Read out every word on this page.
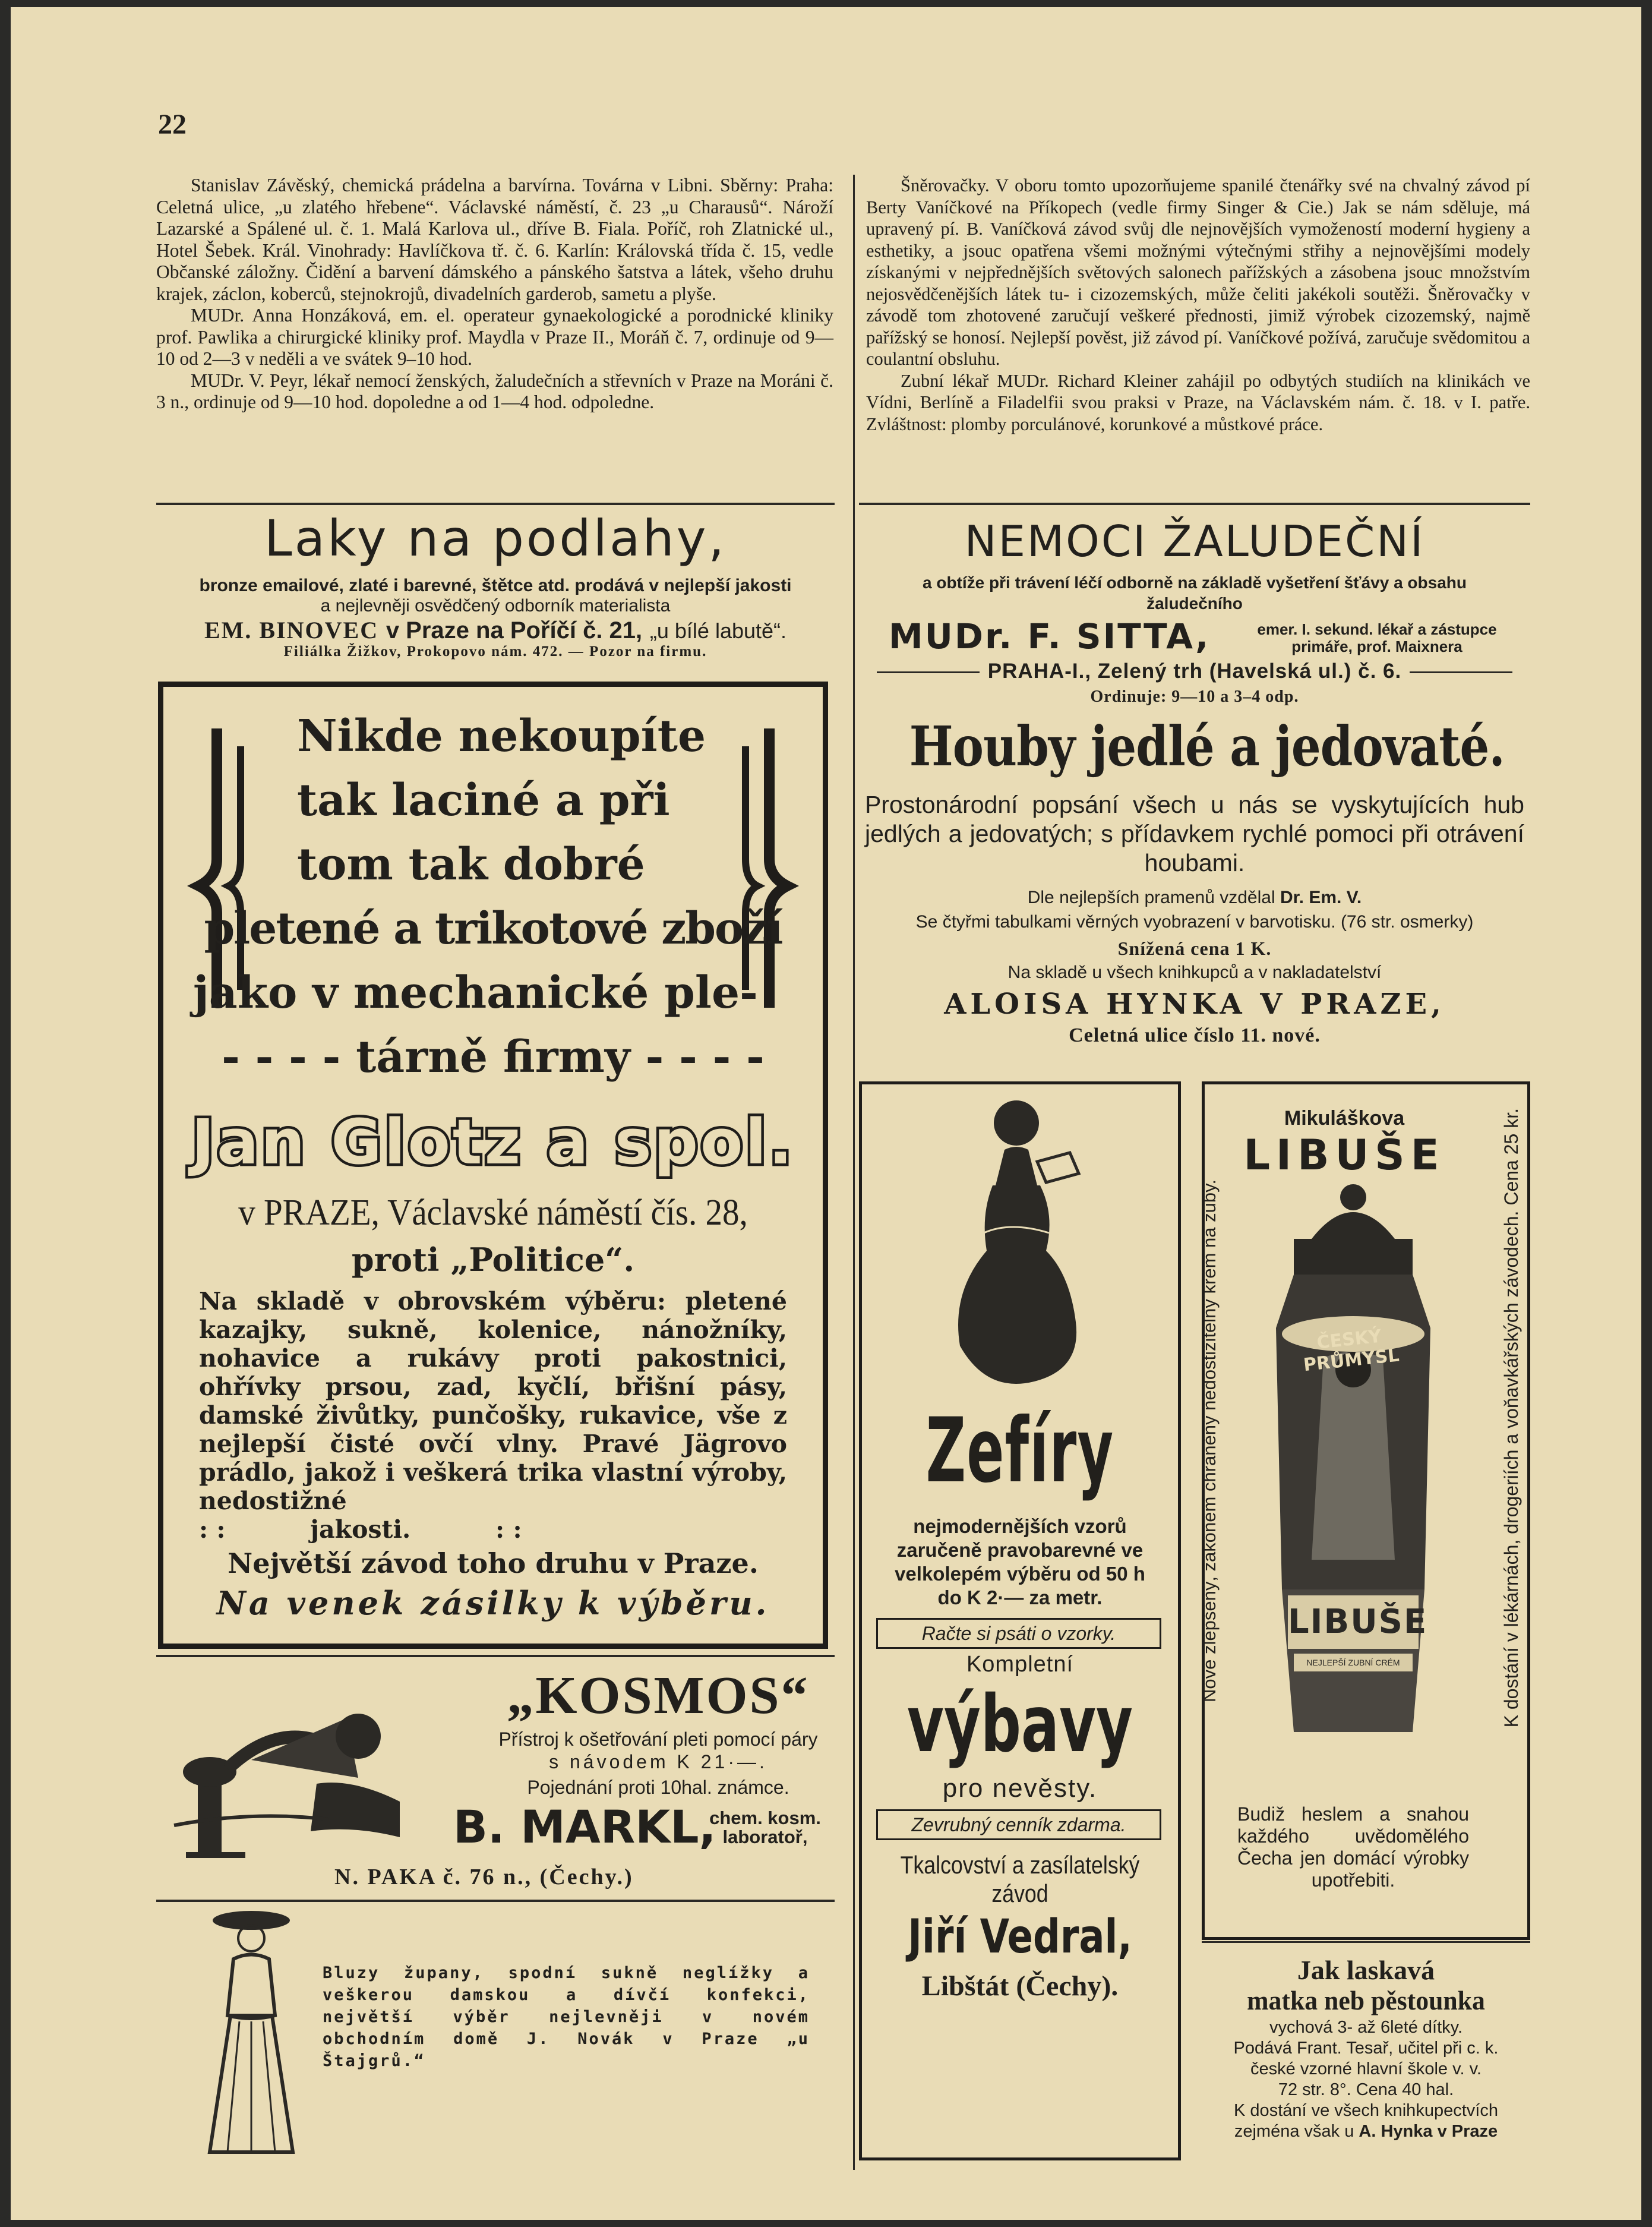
22

Stanislav Závěský, chemická prádelna a barvírna. Továrna v Libni. Sběrny: Praha: Celetná ulice, „u zlatého hřebene“. Václavské náměstí, č. 23 „u Charausů“. Nároží Lazarské a Spálené ul. č. 1. Malá Karlova ul., dříve B. Fiala. Poříč, roh Zlatnické ul., Hotel Šebek. Král. Vinohrady: Havlíčkova tř. č. 6. Karlín: Královská třída č. 15, vedle Občanské záložny. Čidění a barvení dámského a pánského šatstva a látek, všeho druhu krajek, záclon, koberců, stejnokrojů, divadelních garderob, sametu a plyše.

MUDr. Anna Honzáková, em. el. operateur gynaekologické a porodnické kliniky prof. Pawlika a chirurgické kliniky prof. Maydla v Praze II., Moráň č. 7, ordinuje od 9—10 od 2—3 v neděli a ve svátek 9–10 hod.

MUDr. V. Peyr, lékař nemocí ženských, žaludečních a střevních v Praze na Moráni č. 3 n., ordinuje od 9—10 hod. dopoledne a od 1—4 hod. odpoledne.

Laky na podlahy,
bronze emailové, zlaté i barevné, štětce atd. prodává v nejlepší jakosti
a nejlevněji osvědčený odborník materialista
EM. BINOVEC v Praze na Poříčí č. 21, „u bílé labutě“.
Filiálka Žižkov, Prokopovo nám. 472. — Pozor na firmu.
Nikde nekoupíte
tak laciné a při
tom tak dobré
pletené a trikotové zboží
jako v mechanické ple-
- - - - tárně firmy - - - -
Jan Glotz a spol.
v PRAZE, Václavské náměstí čís. 28,
proti „Politice“.
Na skladě v obrovském výběru: pletené kazajky, sukně, kolenice, nánožníky, nohavice a rukávy proti pakostnici, ohřívky prsou, zad, kyčlí, břišní pásy, damské živůtky, punčošky, rukavice, vše z nejlepší čisté ovčí vlny. Pravé Jägrovo prádlo, jakož i veškerá trika vlastní výroby, nedostižné
: :          jakosti.          : :
Největší závod toho druhu v Praze.
Na venek zásilky k výběru.
„KOSMOS“
Přístroj k ošetřování pleti pomocí páry
s návodem K 21·—.
Pojednání proti 10hal. známce.
B. MARKL,
chem. kosm.
laboratoř,
N. PAKA č. 76 n., (Čechy.)
Bluzy župany, spodní sukně neglížky a veškerou damskou a dívčí konfekci, největší výběr nejlevněji v novém obchodním domě J. Novák v Praze „u Štajgrů.“

Šněrovačky. V oboru tomto upozorňujeme spanilé čtenářky své na chvalný závod pí Berty Vaníčkové na Příkopech (vedle firmy Singer & Cie.) Jak se nám sděluje, má upravený pí. B. Vaníčková závod svůj dle nejnovějších vymožeností moderní hygieny a esthetiky, a jsouc opatřena všemi možnými výtečnými střihy a nejnovějšími modely získanými v nejpřednějších světových salonech pařížských a zásobena jsouc množstvím nejosvědčenějších látek tu- i cizozemských, může čeliti jakékoli soutěži. Šněrovačky v závodě tom zhotovené zaručují veškeré přednosti, jimiž výrobek cizozemský, najmě pařížský se honosí. Nejlepší pověst, již závod pí. Vaníčkové požívá, zaručuje svědomitou a coulantní obsluhu.

Zubní lékař MUDr. Richard Kleiner zahájil po odbytých studiích na klinikách ve Vídni, Berlíně a Filadelfii svou praksi v Praze, na Václavském nám. č. 18. v I. patře. Zvláštnost: plomby porculánové, korunkové a můstkové práce.

NEMOCI ŽALUDEČNÍ
a obtíže při trávení léčí odborně na základě vyšetření šťávy a obsahu
žaludečního
MUDr. F. SITTA,	emer. I. sekund. lékař a zástupce
primáře, prof. Maixnera
PRAHA-I., Zelený trh (Havelská ul.) č. 6.
Ordinuje: 9—10 a 3–4 odp.
Houby jedlé a jedovaté.
Prostonárodní popsání všech u nás se vyskytujících hub jedlých a jedovatých; s přídavkem rychlé pomoci při otrávení houbami.
Dle nejlepších pramenů vzdělal Dr. Em. V.
Se čtyřmi tabulkami věrných vyobrazení v barvotisku. (76 str. osmerky)
Snížená cena 1 K.
Na skladě u všech knihkupců a v nakladatelství
ALOISA HYNKA V PRAZE,
Celetná ulice číslo 11. nové.
Zefíry
nejmodernějších vzorů
zaručeně pravobarevné ve
velkolepém výběru od 50 h
do K 2·— za metr.
Račte si psáti o vzorky.
Kompletní
výbavy
pro nevěsty.
Zevrubný cenník zdarma.
Tkalcovství a zasílatelský
závod
Jiří Vedral,
Libštát (Čechy).
Mikuláškova
LIBUŠE
Nové zlepšený, zákonem chráněný nedostižitelný krém na zuby.	K dostání v lékárnách, drogeriích a voňavkářských závodech. Cena 25 kr.
ČESKÝ PRŮMYSL
LIBUŠE
NEJLEPŠÍ ZUBNÍ CRÉM
Budiž heslem a snahou každého uvědomělého Čecha jen domácí výrobky upotřebiti.
Jak laskavá
matka neb pěstounka
vychová 3- až 6leté dítky.
Podává Frant. Tesař, učitel při c. k.
české vzorné hlavní škole v. v.
72 str. 8°. Cena 40 hal.
K dostání ve všech knihkupectvích
zejména však u A. Hynka v Praze
